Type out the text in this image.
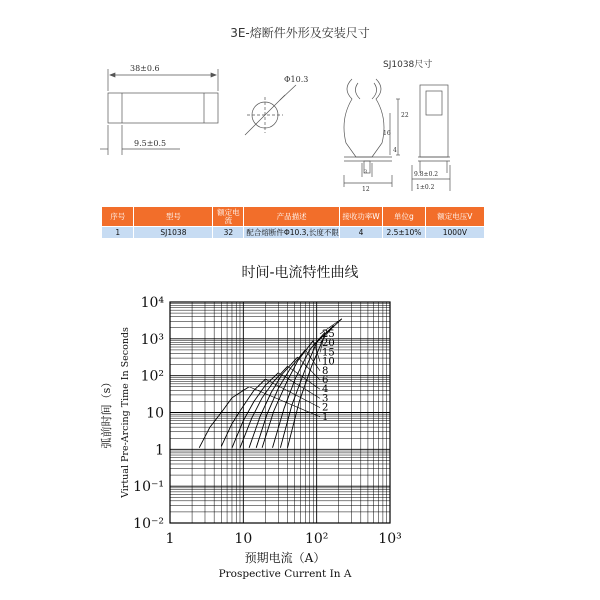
3E-熔断件外形及安装尺寸
38±0.6
9.5±0.5
Φ10.3
22
16
4
12
3	9.8±0.2
1±0.2
SJ1038尺寸
序号	型号	额定电流	产品描述	接收功率W	单位g	额定电压V
1	SJ1038	32	配合熔断件Φ10.3,长度不限	4	2.5±10%	1000V
时间-电流特性曲线
1
2
3
4
6
8
10
15
20
25
1	10	10²	10³
10⁴
10³
10²
10
1
10⁻¹
10⁻²
弧前时间（s） Virtual Pre-Arcing Time In Seconds
预期电流（A）
Prospective Current In A
